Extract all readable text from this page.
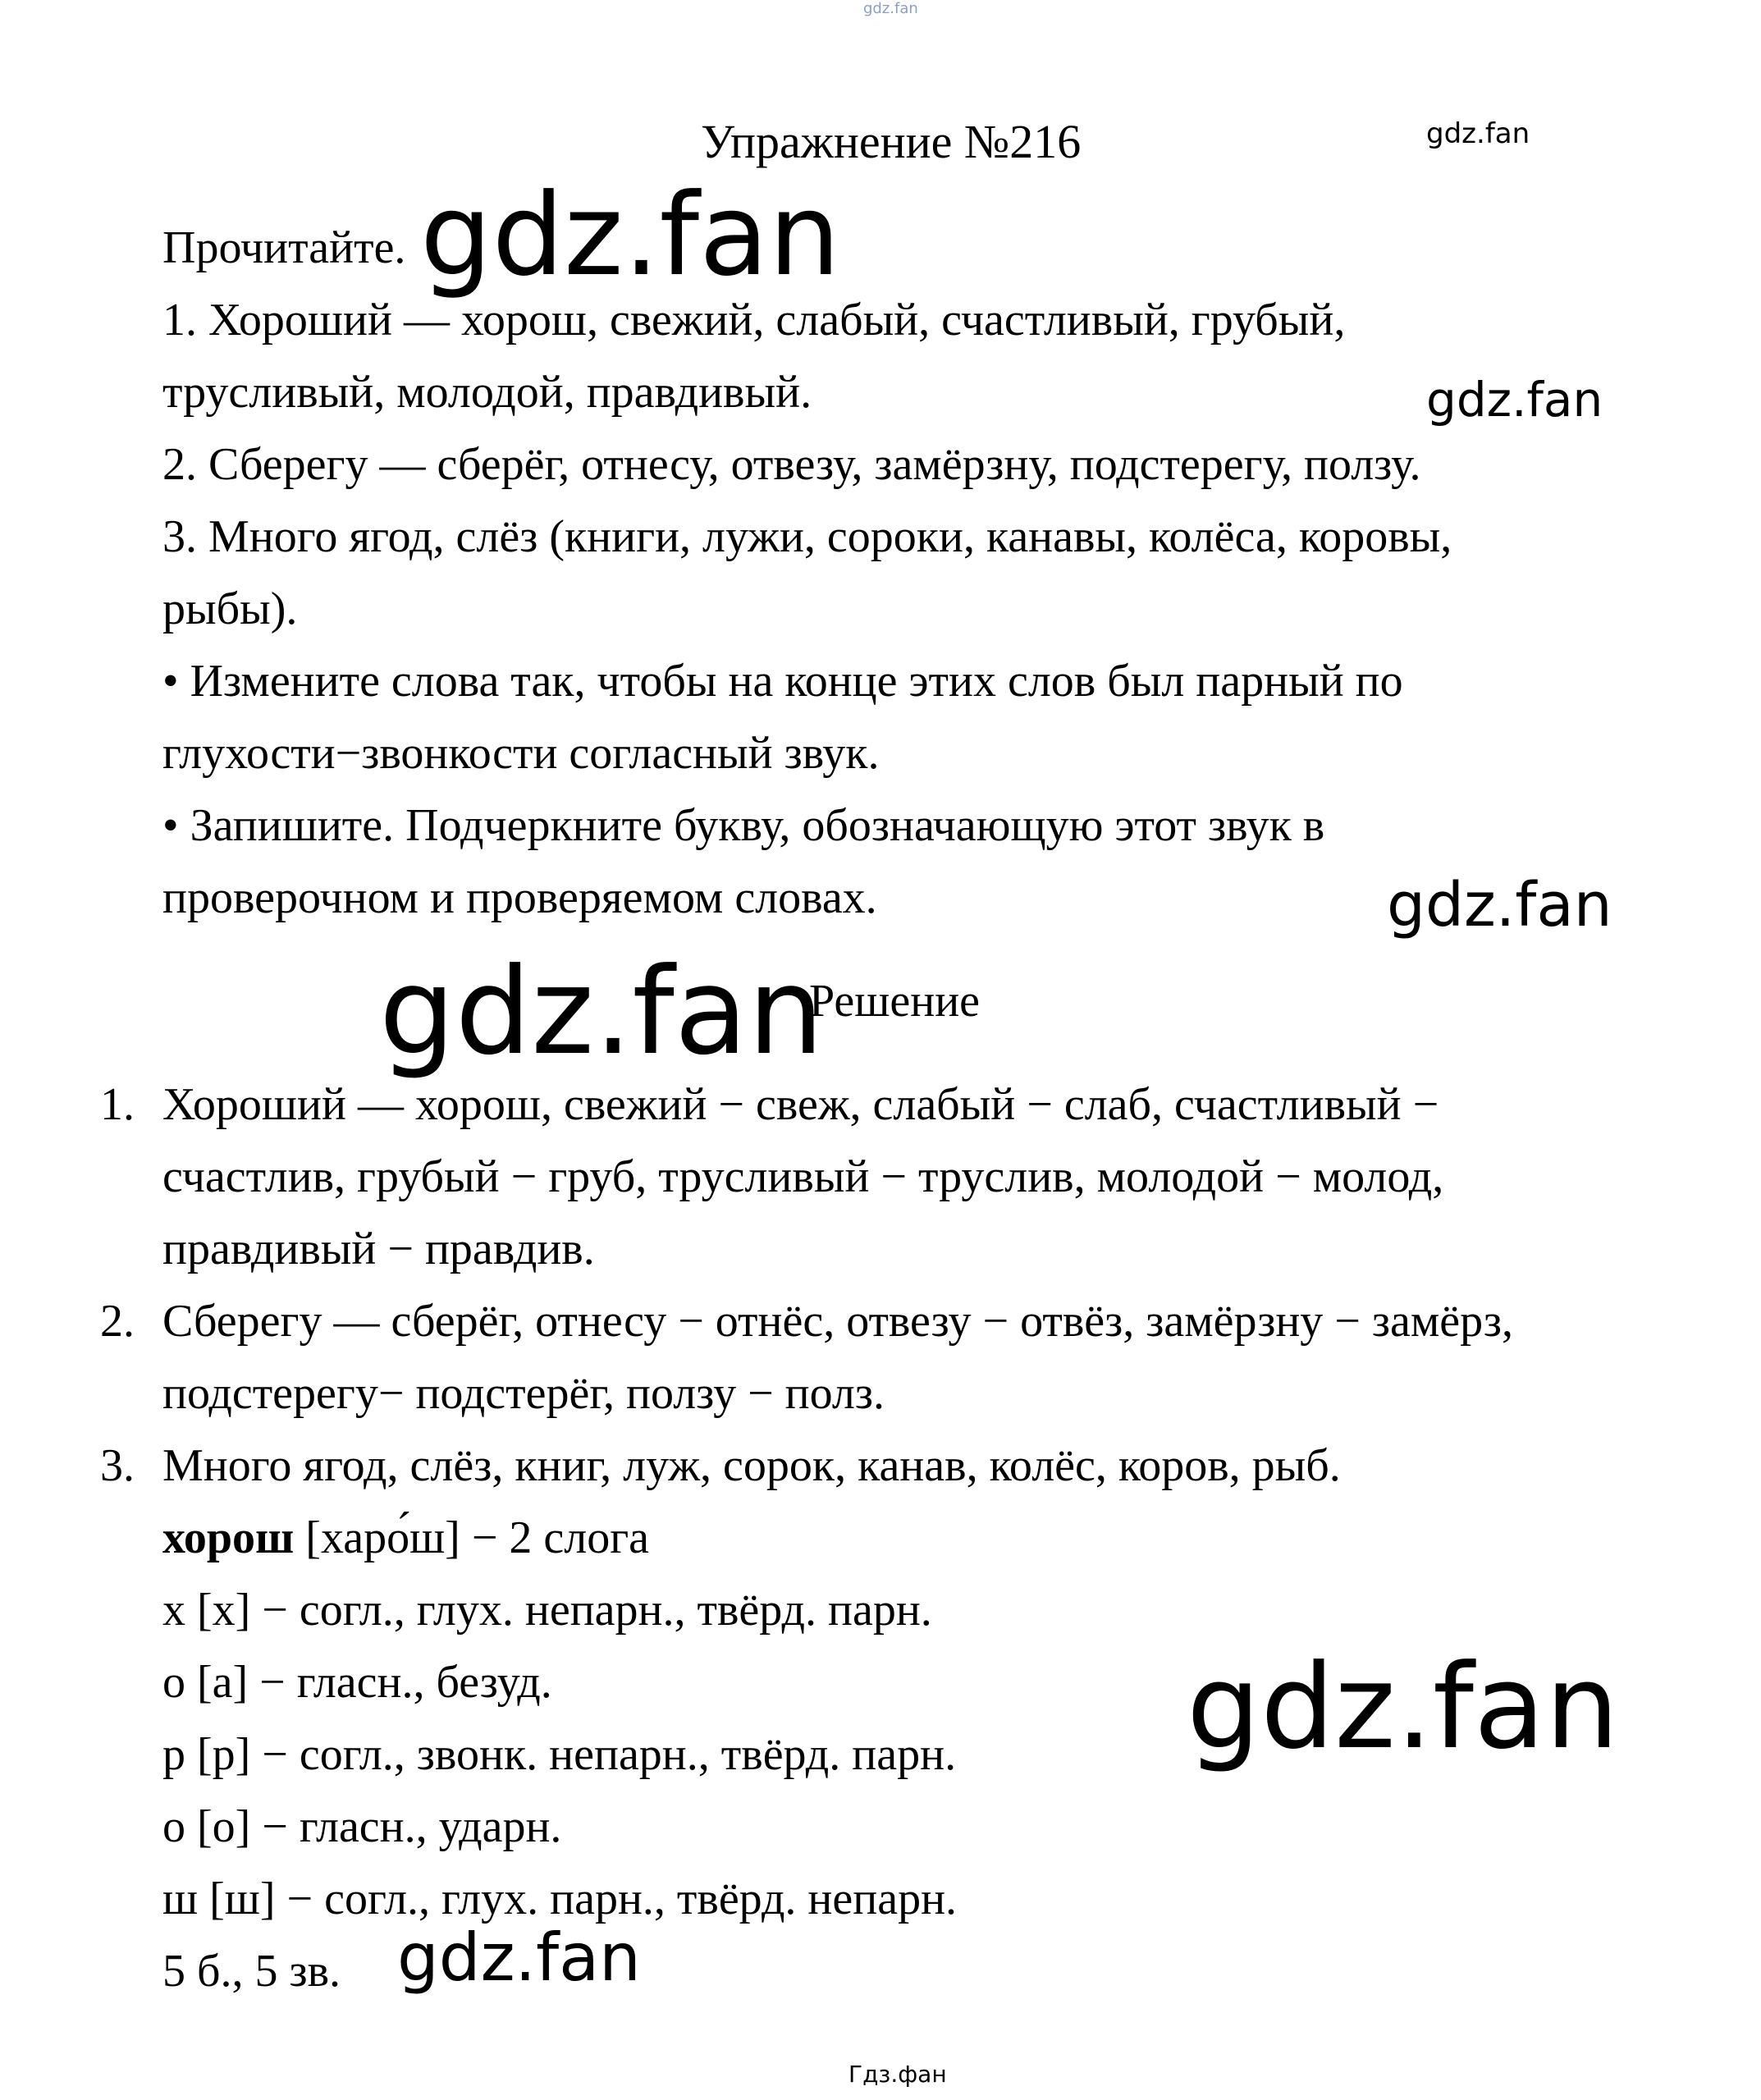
gdz.fan
Упражнение №216	gdz.fan
Прочитайте. gdz.fan
1. Хороший — хорош, свежий, слабый, счастливый, грубый,
трусливый, молодой, правдивый.	gdz.fan
2. Сберегу — сберёг, отнесу, отвезу, замёрзну, подстерегу, ползу.
3. Много ягод, слёз (книги, лужи, сороки, канавы, колёса, коровы,
рыбы).
• Измените слова так, чтобы на конце этих слов был парный по
глухости−звонкости согласный звук.
• Запишите. Подчеркните букву, обозначающую этот звук в
проверочном и проверяемом словах.	gdz.fan
gdz.fan
Решение
1. Хороший — хорош, свежий − свеж, слабый − слаб, счастливый −
счастлив, грубый − груб, трусливый − труслив, молодой − молод,
правдивый − правдив.
2. Сберегу — сберёг, отнесу − отнёс, отвезу − отвёз, замёрзну − замёрз,
подстерегу− подстерёг, ползу − полз.
3. Много ягод, слёз, книг, луж, сорок, канав, колёс, коров, рыб.
хорош [харо́ш] − 2 слога
х [х] − согл., глух. непарн., твёрд. парн.
о [а] − гласн., безуд.
р [р] − согл., звонк. непарн., твёрд. парн.
о [о] − гласн., ударн.
ш [ш] − согл., глух. парн., твёрд. непарн.
5 б., 5 зв.
gdz.fan
gdz.fan
Гдз.фан
